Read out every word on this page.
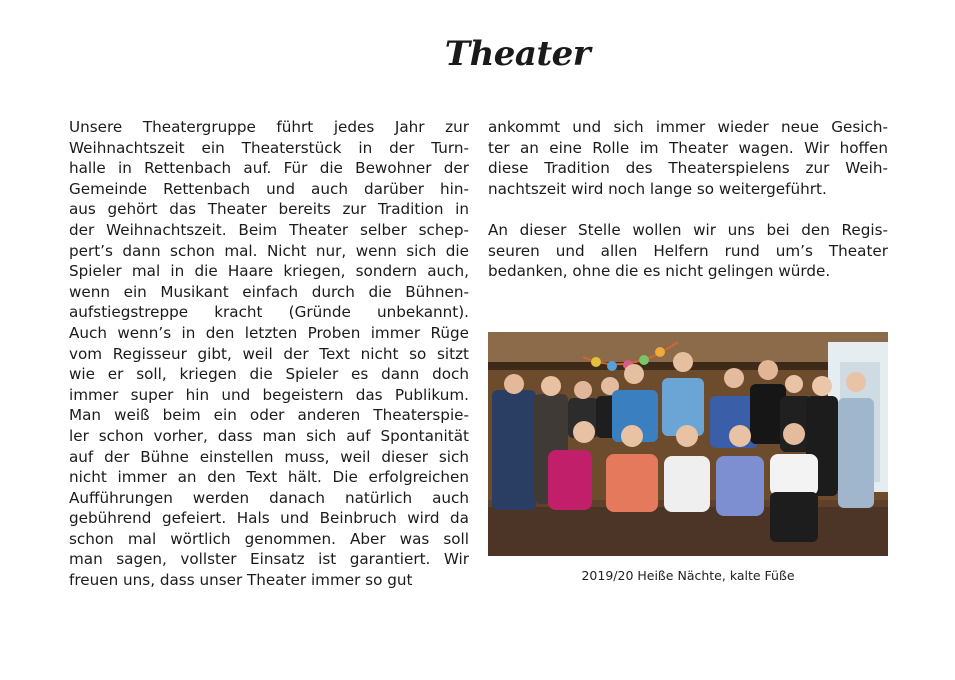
Theater
Unsere Theatergruppe führt jedes Jahr zur
Weihnachtszeit ein Theaterstück in der Turn-
halle in Rettenbach auf. Für die Bewohner der
Gemeinde Rettenbach und auch darüber hin-
aus gehört das Theater bereits zur Tradition in
der Weihnachtszeit. Beim Theater selber schep-
pert’s dann schon mal. Nicht nur, wenn sich die
Spieler mal in die Haare kriegen, sondern auch,
wenn ein Musikant einfach durch die Bühnen-
aufstiegstreppe kracht (Gründe unbekannt).
Auch wenn’s in den letzten Proben immer Rüge
vom Regisseur gibt, weil der Text nicht so sitzt
wie er soll, kriegen die Spieler es dann doch
immer super hin und begeistern das Publikum.
Man weiß beim ein oder anderen Theaterspie-
ler schon vorher, dass man sich auf Spontanität
auf der Bühne einstellen muss, weil dieser sich
nicht immer an den Text hält. Die erfolgreichen
Aufführungen werden danach natürlich auch
gebührend gefeiert. Hals und Beinbruch wird da
schon mal wörtlich genommen. Aber was soll
man sagen, vollster Einsatz ist garantiert. Wir
freuen uns, dass unser Theater immer so gut
ankommt und sich immer wieder neue Gesich-
ter an eine Rolle im Theater wagen. Wir hoffen
diese Tradition des Theaterspielens zur Weih-
nachtszeit wird noch lange so weitergeführt.
An dieser Stelle wollen wir uns bei den Regis-
seuren und allen Helfern rund um’s Theater
bedanken, ohne die es nicht gelingen würde.
2019/20 Heiße Nächte, kalte Füße
